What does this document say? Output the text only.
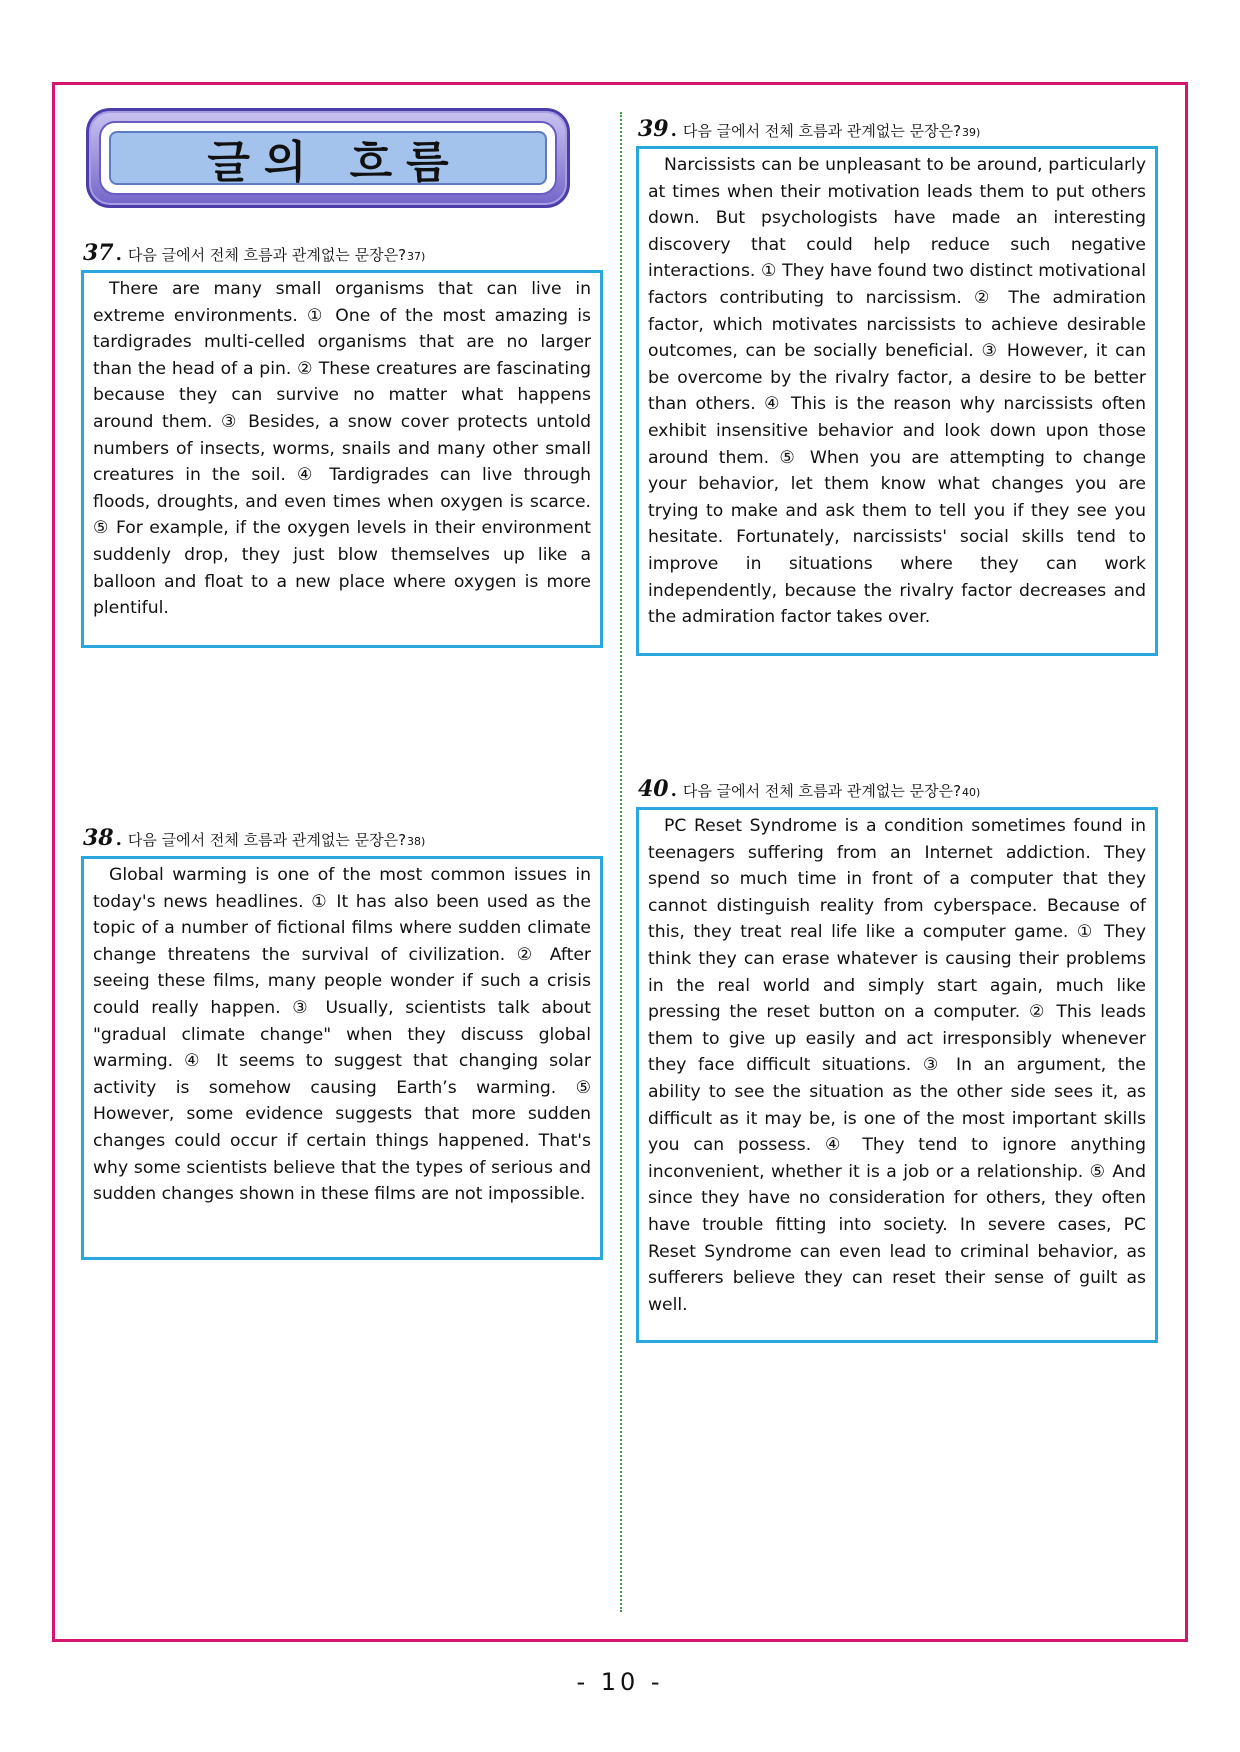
글의 흐름
37 . 다음 글에서 전체 흐름과 관계없는 문장은? 37)
There are many small organisms that can live in extreme environments. ① One of the most amazing is tardigrades multi-celled organisms that are no larger than the head of a pin. ② These creatures are fascinating because they can survive no matter what happens around them. ③ Besides, a snow cover protects untold numbers of insects, worms, snails and many other small creatures in the soil. ④ Tardigrades can live through floods, droughts, and even times when oxygen is scarce. ⑤ For example, if the oxygen levels in their environment suddenly drop, they just blow themselves up like a balloon and float to a new place where oxygen is more plentiful.
38 . 다음 글에서 전체 흐름과 관계없는 문장은? 38)
Global warming is one of the most common issues in today's news headlines. ① It has also been used as the topic of a number of fictional films where sudden climate change threatens the survival of civilization. ② After seeing these films, many people wonder if such a crisis could really happen. ③ Usually, scientists talk about "gradual climate change" when they discuss global warming. ④ It seems to suggest that changing solar activity is somehow causing Earth’s warming. ⑤ However, some evidence suggests that more sudden changes could occur if certain things happened. That's why some scientists believe that the types of serious and sudden changes shown in these films are not impossible.
39 . 다음 글에서 전체 흐름과 관계없는 문장은? 39)
Narcissists can be unpleasant to be around, particularly at times when their motivation leads them to put others down. But psychologists have made an interesting discovery that could help reduce such negative interactions. ① They have found two distinct motivational factors contributing to narcissism. ② The admiration factor, which motivates narcissists to achieve desirable outcomes, can be socially beneficial. ③ However, it can be overcome by the rivalry factor, a desire to be better than others. ④ This is the reason why narcissists often exhibit insensitive behavior and look down upon those around them. ⑤ When you are attempting to change your behavior, let them know what changes you are trying to make and ask them to tell you if they see you hesitate. Fortunately, narcissists' social skills tend to improve in situations where they can work independently, because the rivalry factor decreases and the admiration factor takes over.
40 . 다음 글에서 전체 흐름과 관계없는 문장은? 40)
PC Reset Syndrome is a condition sometimes found in teenagers suffering from an Internet addiction. They spend so much time in front of a computer that they cannot distinguish reality from cyberspace. Because of this, they treat real life like a computer game. ① They think they can erase whatever is causing their problems in the real world and simply start again, much like pressing the reset button on a computer. ② This leads them to give up easily and act irresponsibly whenever they face difficult situations. ③ In an argument, the ability to see the situation as the other side sees it, as difficult as it may be, is one of the most important skills you can possess. ④ They tend to ignore anything inconvenient, whether it is a job or a relationship. ⑤ And since they have no consideration for others, they often have trouble fitting into society. In severe cases, PC Reset Syndrome can even lead to criminal behavior, as sufferers believe they can reset their sense of guilt as well.
- 10 -
